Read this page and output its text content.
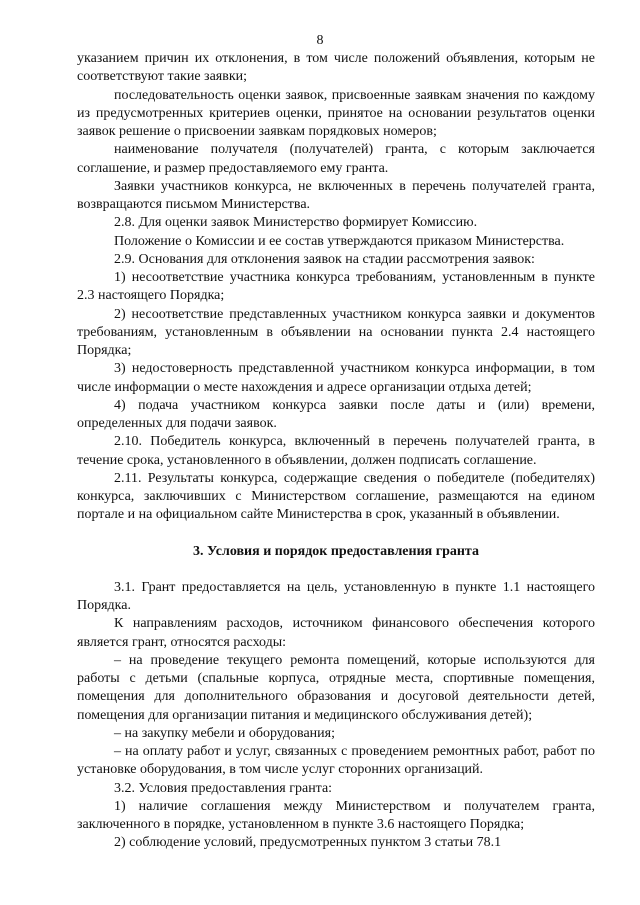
8

указанием причин их отклонения, в том числе положений объявления, которым не соответствуют такие заявки;

последовательность оценки заявок, присвоенные заявкам значения по каждому из предусмотренных критериев оценки, принятое на основании результатов оценки заявок решение о присвоении заявкам порядковых номеров;

наименование получателя (получателей) гранта, с которым заключается соглашение, и размер предоставляемого ему гранта.

Заявки участников конкурса, не включенных в перечень получателей гранта, возвращаются письмом Министерства.

2.8. Для оценки заявок Министерство формирует Комиссию.

Положение о Комиссии и ее состав утверждаются приказом Министерства.

2.9. Основания для отклонения заявок на стадии рассмотрения заявок:

1) несоответствие участника конкурса требованиям, установленным в пункте 2.3 настоящего Порядка;

2) несоответствие представленных участником конкурса заявки и документов требованиям, установленным в объявлении на основании пункта 2.4 настоящего Порядка;

3) недостоверность представленной участником конкурса информации, в том числе информации о месте нахождения и адресе организации отдыха детей;

4) подача участником конкурса заявки после даты и (или) времени, определенных для подачи заявок.

2.10. Победитель конкурса, включенный в перечень получателей гранта, в течение срока, установленного в объявлении, должен подписать соглашение.

2.11. Результаты конкурса, содержащие сведения о победителе (победителях) конкурса, заключивших с Министерством соглашение, размещаются на едином портале и на официальном сайте Министерства в срок, указанный в объявлении.

3. Условия и порядок предоставления гранта

3.1. Грант предоставляется на цель, установленную в пункте 1.1 настоящего Порядка.

К направлениям расходов, источником финансового обеспечения которого является грант, относятся расходы:

– на проведение текущего ремонта помещений, которые используются для работы с детьми (спальные корпуса, отрядные места, спортивные помещения, помещения для дополнительного образования и досуговой деятельности детей, помещения для организации питания и медицинского обслуживания детей);

– на закупку мебели и оборудования;

– на оплату работ и услуг, связанных с проведением ремонтных работ, работ по установке оборудования, в том числе услуг сторонних организаций.

3.2. Условия предоставления гранта:

1) наличие соглашения между Министерством и получателем гранта, заключенного в порядке, установленном в пункте 3.6 настоящего Порядка;

2) соблюдение условий, предусмотренных пунктом 3 статьи 78.1
